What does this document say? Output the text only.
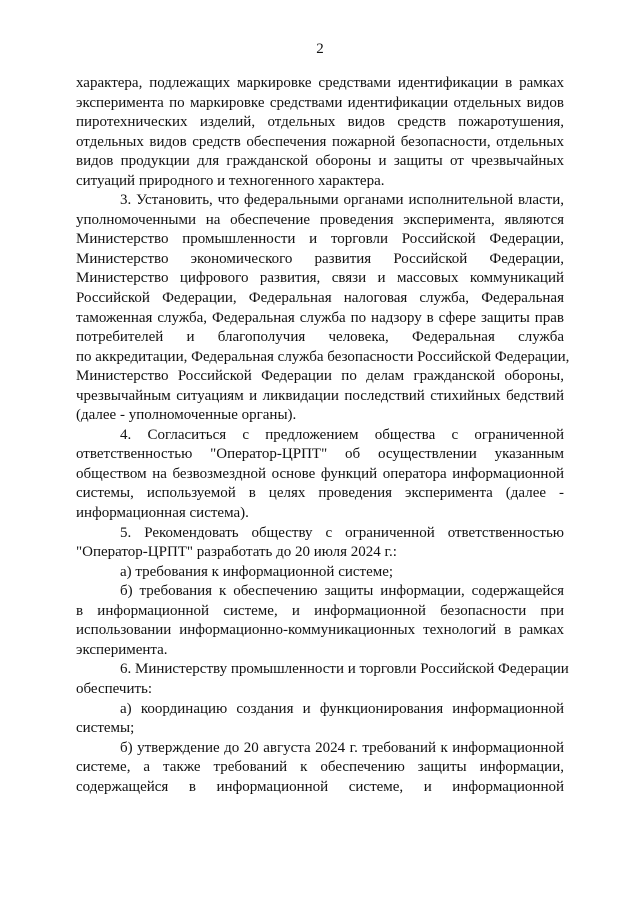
2
характера, подлежащих маркировке средствами идентификации в рамках
эксперимента по маркировке средствами идентификации отдельных видов
пиротехнических изделий, отдельных видов средств пожаротушения,
отдельных видов средств обеспечения пожарной безопасности, отдельных
видов продукции для гражданской обороны и защиты от чрезвычайных
ситуаций природного и техногенного характера.
3. Установить, что федеральными органами исполнительной власти,
уполномоченными на обеспечение проведения эксперимента, являются
Министерство промышленности и торговли Российской Федерации,
Министерство экономического развития Российской Федерации,
Министерство цифрового развития, связи и массовых коммуникаций
Российской Федерации, Федеральная налоговая служба, Федеральная
таможенная служба, Федеральная служба по надзору в сфере защиты прав
потребителей и благополучия человека, Федеральная служба
по аккредитации, Федеральная служба безопасности Российской Федерации,
Министерство Российской Федерации по делам гражданской обороны,
чрезвычайным ситуациям и ликвидации последствий стихийных бедствий
(далее - уполномоченные органы).
4. Согласиться с предложением общества с ограниченной
ответственностью "Оператор-ЦРПТ" об осуществлении указанным
обществом на безвозмездной основе функций оператора информационной
системы, используемой в целях проведения эксперимента (далее -
информационная система).
5. Рекомендовать обществу с ограниченной ответственностью
"Оператор-ЦРПТ" разработать до 20 июля 2024 г.:
а) требования к информационной системе;
б) требования к обеспечению защиты информации, содержащейся
в информационной системе, и информационной безопасности при
использовании информационно-коммуникационных технологий в рамках
эксперимента.
6. Министерству промышленности и торговли Российской Федерации
обеспечить:
а) координацию создания и функционирования информационной
системы;
б) утверждение до 20 августа 2024 г. требований к информационной
системе, а также требований к обеспечению защиты информации,
содержащейся в информационной системе, и информационной
